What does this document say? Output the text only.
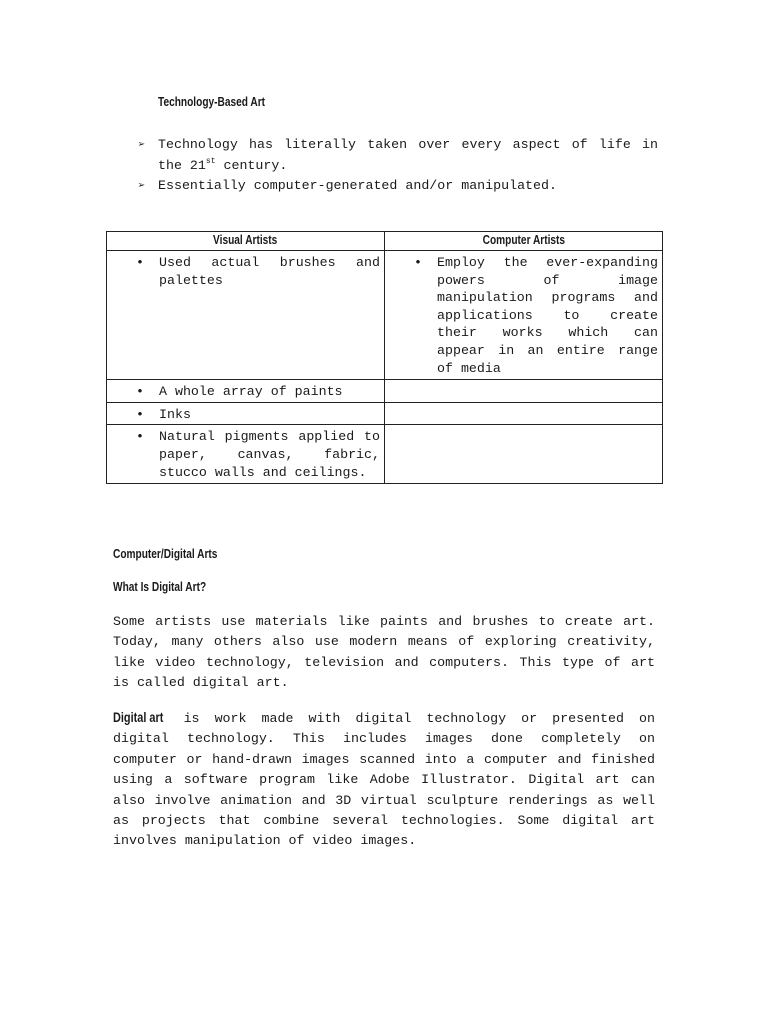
Technology-Based Art
➢ Technology has literally taken over every aspect of life in the 21st century.
➢ Essentially computer-generated and/or manipulated.
Visual Artists	Computer Artists

• Used actual brushes and palettes	• Employ the ever-expanding powers of image manipulation programs and applications to create their works which can appear in an entire range of media

• A whole array of paints	

• Inks	

• Natural pigments applied to paper, canvas, fabric, stucco walls and ceilings.	

Computer/Digital Arts
What Is Digital Art?

Some artists use materials like paints and brushes to create art. Today, many others also use modern means of exploring creativity, like video technology, television and computers. This type of art is called digital art.

Digital art is work made with digital technology or presented on digital technology. This includes images done completely on computer or hand-drawn images scanned into a computer and finished using a software program like Adobe Illustrator. Digital art can also involve animation and 3D virtual sculpture renderings as well as projects that combine several technologies. Some digital art involves manipulation of video images.
